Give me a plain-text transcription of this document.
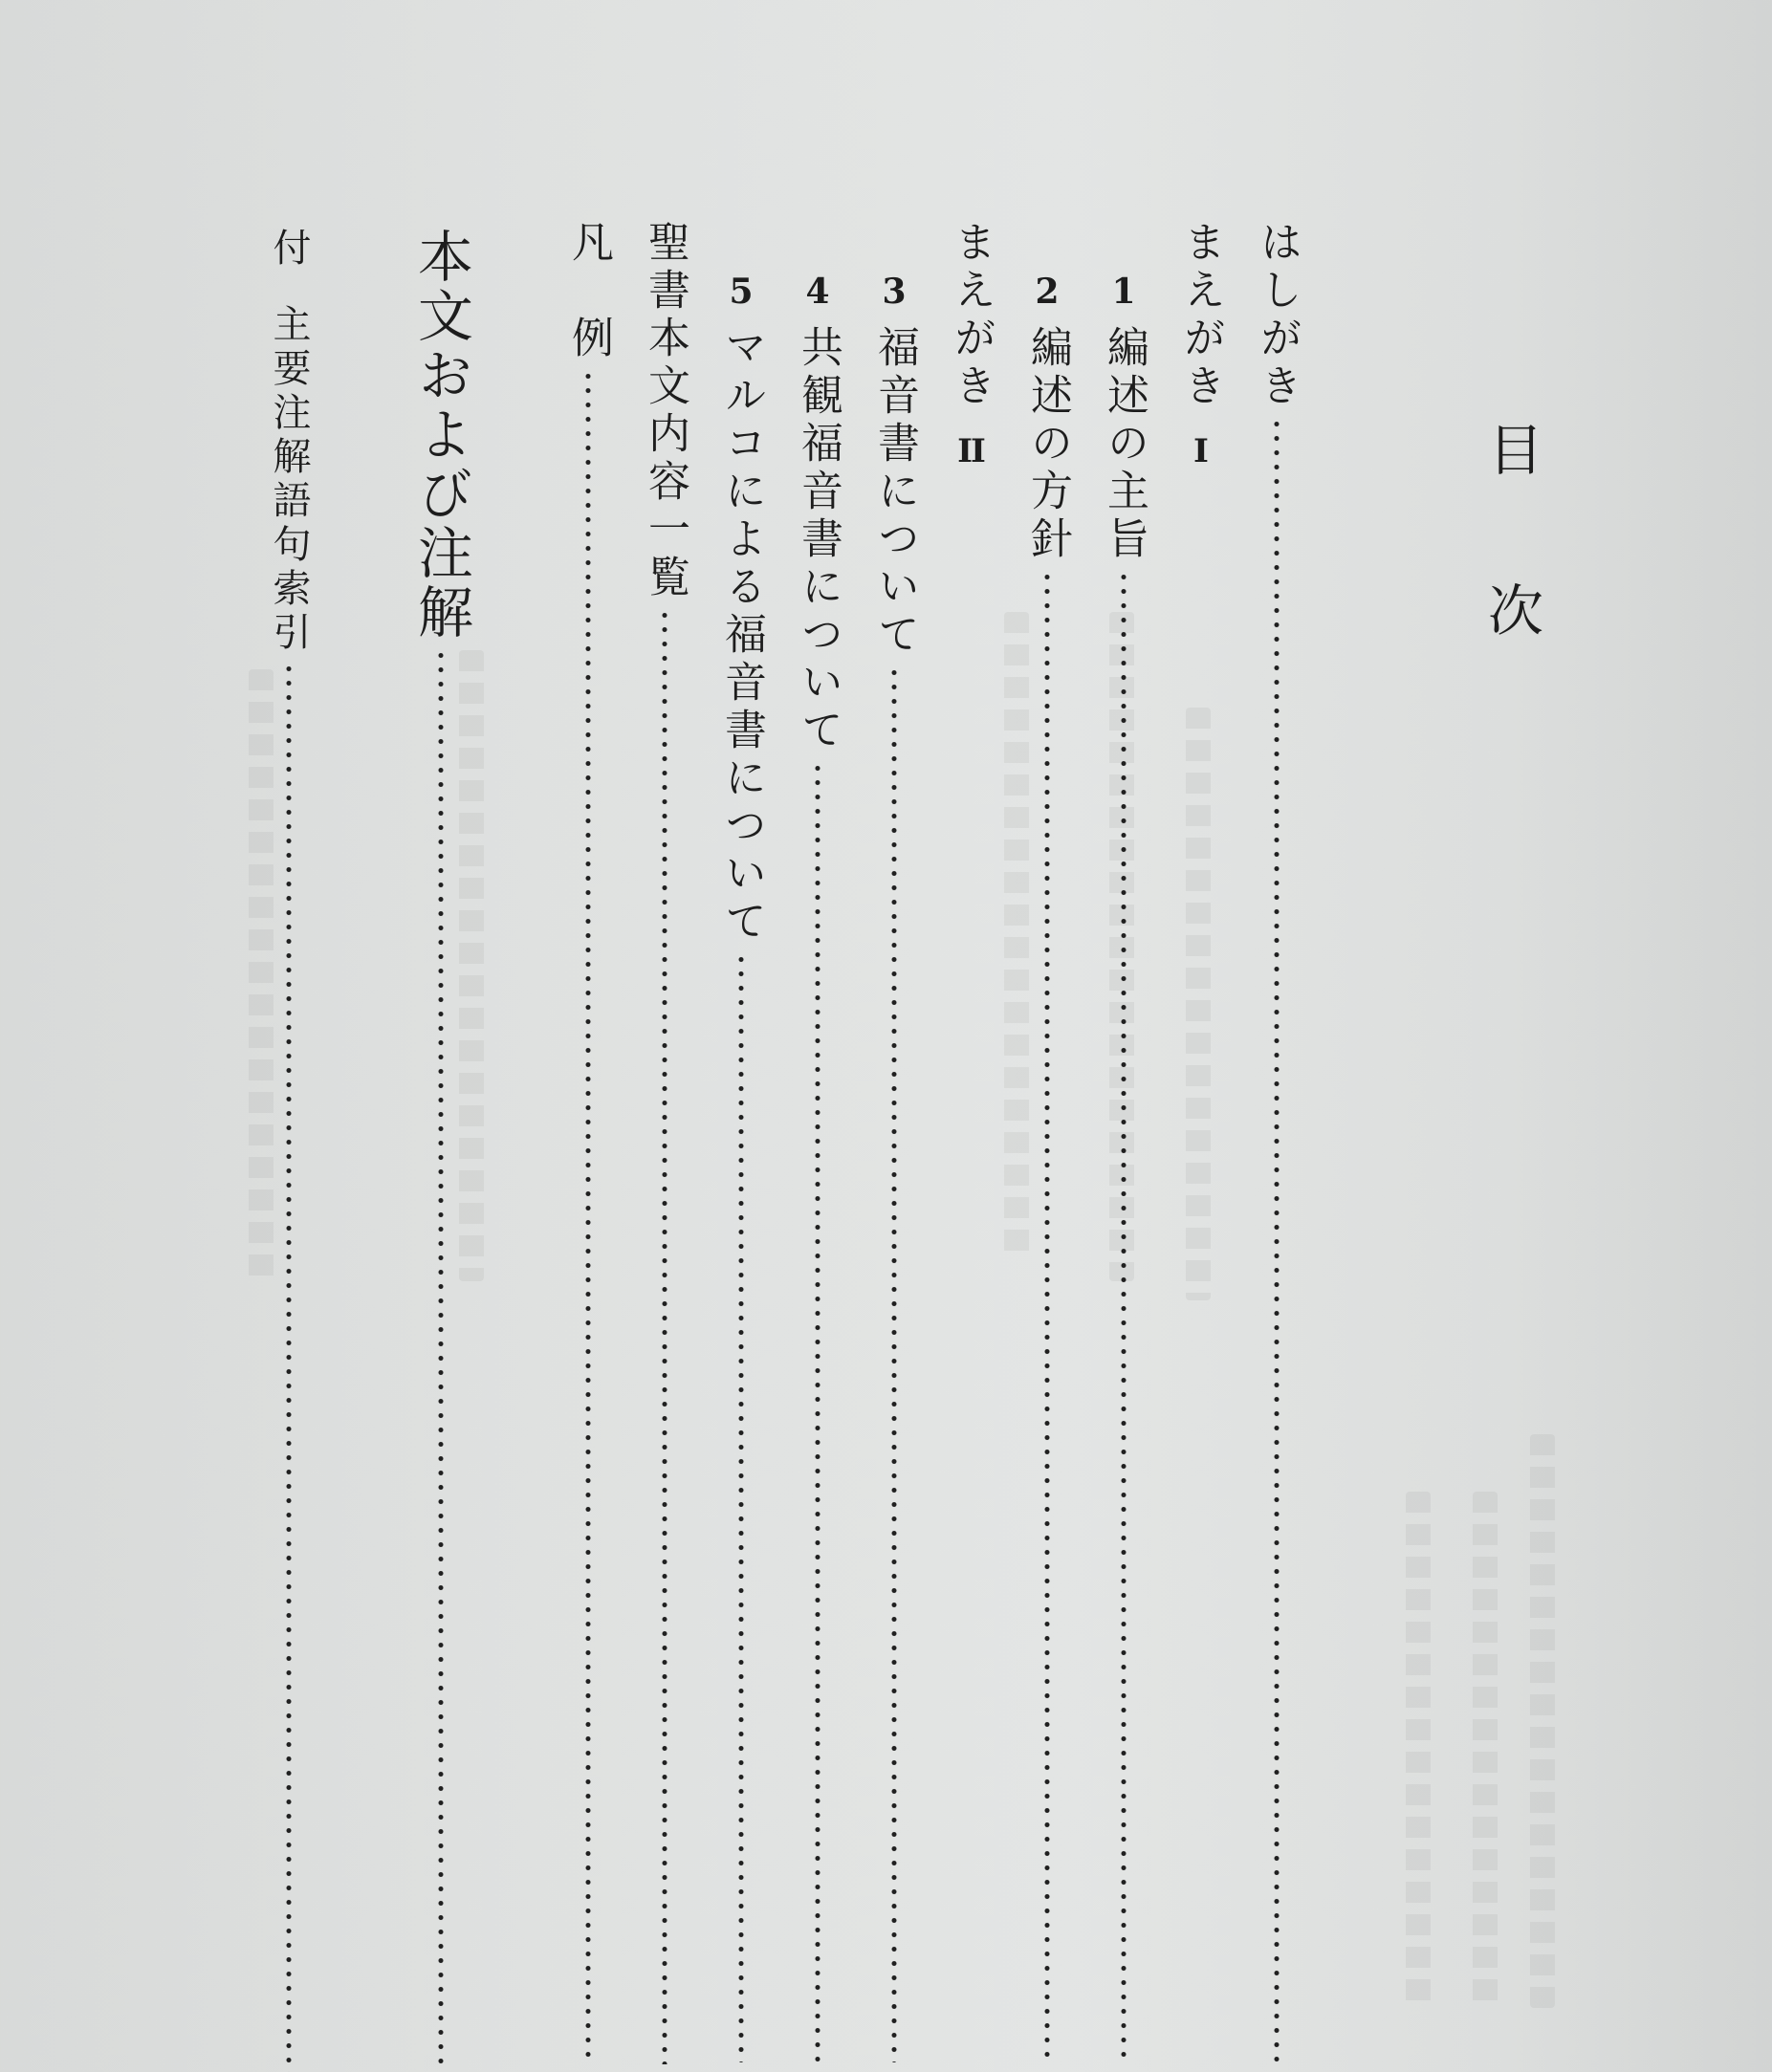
目次
はしがき
まえがき
I
1
編述の主旨
2
編述の方針
まえがき
II
3
福音書について
4
共観福音書について
5
マルコによる福音書について
聖書本文内容一覧
凡　例
本文および注解
付
主要注解語句索引
